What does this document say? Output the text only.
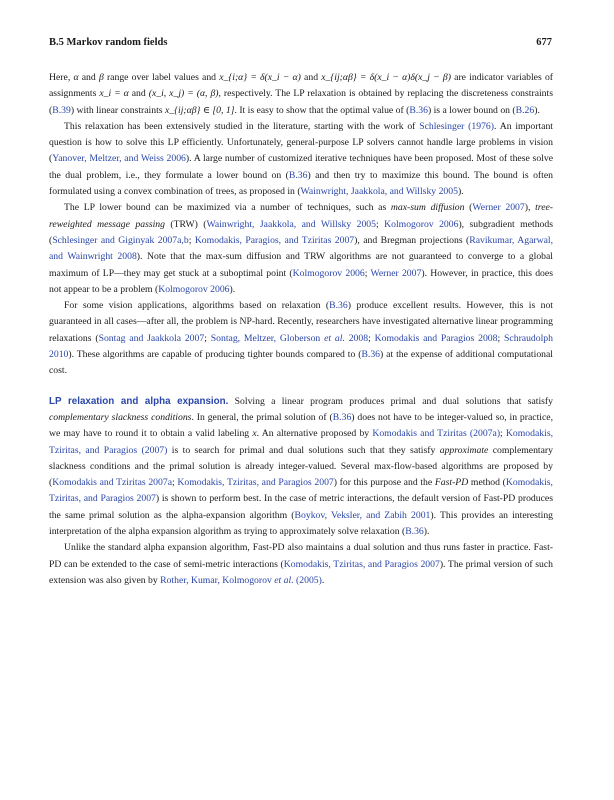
B.5 Markov random fields	677

Here, α and β range over label values and x_{i;α} = δ(x_i − α) and x_{ij;αβ} = δ(x_i − α)δ(x_j − β) are indicator variables of assignments x_i = α and (x_i, x_j) = (α, β), respectively. The LP relaxation is obtained by replacing the discreteness constraints (B.39) with linear constraints x_{ij;αβ} ∈ [0, 1]. It is easy to show that the optimal value of (B.36) is a lower bound on (B.26).

This relaxation has been extensively studied in the literature, starting with the work of Schlesinger (1976). An important question is how to solve this LP efficiently. Unfortunately, general-purpose LP solvers cannot handle large problems in vision (Yanover, Meltzer, and Weiss 2006). A large number of customized iterative techniques have been proposed. Most of these solve the dual problem, i.e., they formulate a lower bound on (B.36) and then try to maximize this bound. The bound is often formulated using a convex combination of trees, as proposed in (Wainwright, Jaakkola, and Willsky 2005).

The LP lower bound can be maximized via a number of techniques, such as max-sum diffusion (Werner 2007), tree-reweighted message passing (TRW) (Wainwright, Jaakkola, and Willsky 2005; Kolmogorov 2006), subgradient methods (Schlesinger and Giginyak 2007a,b; Komodakis, Paragios, and Tziritas 2007), and Bregman projections (Ravikumar, Agarwal, and Wainwright 2008). Note that the max-sum diffusion and TRW algorithms are not guaranteed to converge to a global maximum of LP—they may get stuck at a suboptimal point (Kolmogorov 2006; Werner 2007). However, in practice, this does not appear to be a problem (Kolmogorov 2006).

For some vision applications, algorithms based on relaxation (B.36) produce excellent results. However, this is not guaranteed in all cases—after all, the problem is NP-hard. Recently, researchers have investigated alternative linear programming relaxations (Sontag and Jaakkola 2007; Sontag, Meltzer, Globerson et al. 2008; Komodakis and Paragios 2008; Schraudolph 2010). These algorithms are capable of producing tighter bounds compared to (B.36) at the expense of additional computational cost.

LP relaxation and alpha expansion. Solving a linear program produces primal and dual solutions that satisfy complementary slackness conditions. In general, the primal solution of (B.36) does not have to be integer-valued so, in practice, we may have to round it to obtain a valid labeling x. An alternative proposed by Komodakis and Tziritas (2007a); Komodakis, Tziritas, and Paragios (2007) is to search for primal and dual solutions such that they satisfy approximate complementary slackness conditions and the primal solution is already integer-valued. Several max-flow-based algorithms are proposed by (Komodakis and Tziritas 2007a; Komodakis, Tziritas, and Paragios 2007) for this purpose and the Fast-PD method (Komodakis, Tziritas, and Paragios 2007) is shown to perform best. In the case of metric interactions, the default version of Fast-PD produces the same primal solution as the alpha-expansion algorithm (Boykov, Veksler, and Zabih 2001). This provides an interesting interpretation of the alpha expansion algorithm as trying to approximately solve relaxation (B.36).

Unlike the standard alpha expansion algorithm, Fast-PD also maintains a dual solution and thus runs faster in practice. Fast-PD can be extended to the case of semi-metric interactions (Komodakis, Tziritas, and Paragios 2007). The primal version of such extension was also given by Rother, Kumar, Kolmogorov et al. (2005).
